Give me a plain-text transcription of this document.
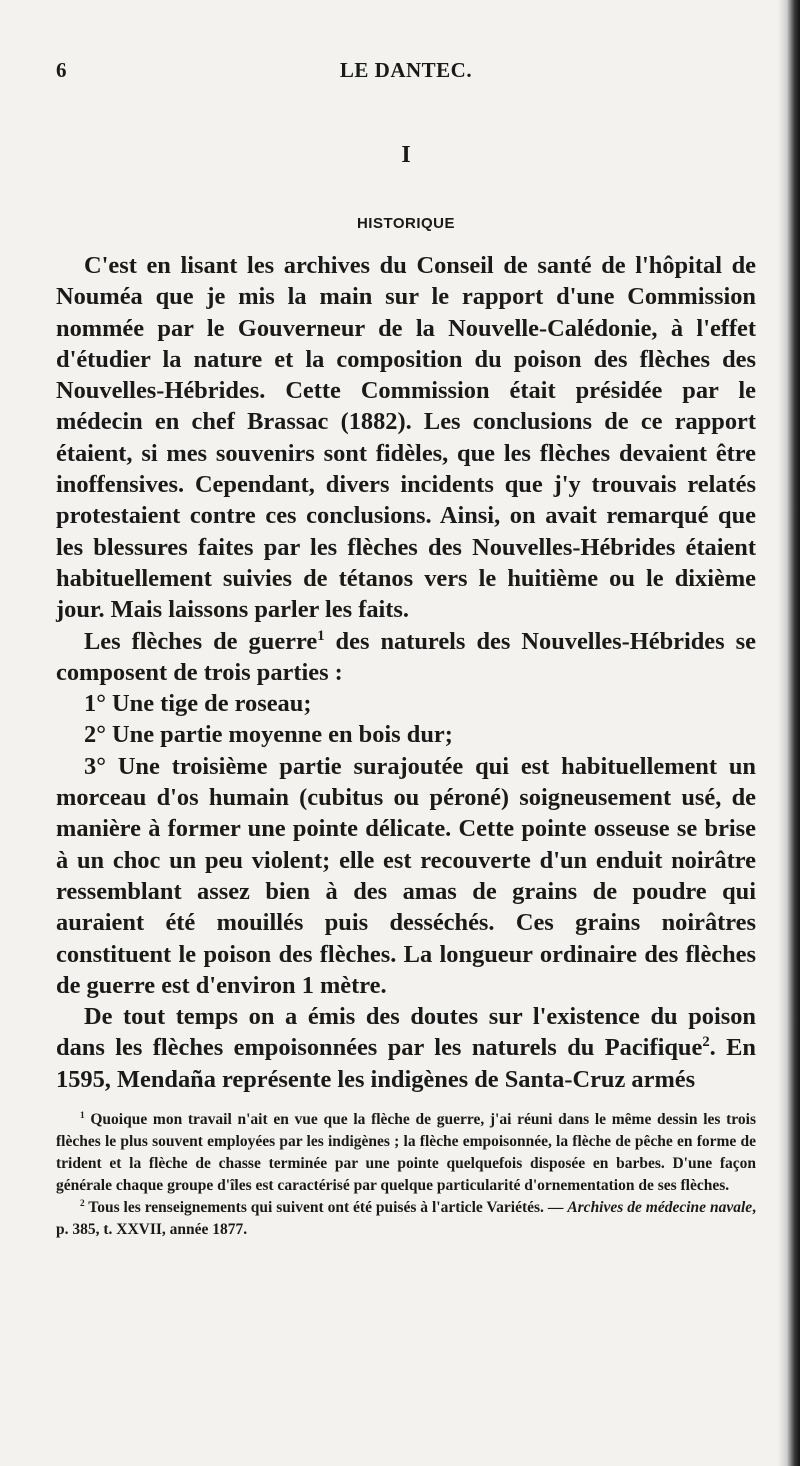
6	LE DANTEC.
I
HISTORIQUE

C'est en lisant les archives du Conseil de santé de l'hôpital de Nouméa que je mis la main sur le rapport d'une Commission nommée par le Gouverneur de la Nouvelle-Calédonie, à l'effet d'étudier la nature et la composition du poison des flèches des Nouvelles-Hébrides. Cette Commission était présidée par le médecin en chef Brassac (1882). Les conclusions de ce rapport étaient, si mes souvenirs sont fidèles, que les flèches devaient être inoffensives. Cependant, divers incidents que j'y trouvais relatés protestaient contre ces conclusions. Ainsi, on avait remarqué que les blessures faites par les flèches des Nouvelles-Hébrides étaient habituellement suivies de tétanos vers le huitième ou le dixième jour. Mais laissons parler les faits.

Les flèches de guerre$^1$ des naturels des Nouvelles-Hébrides se composent de trois parties :

1° Une tige de roseau;

2° Une partie moyenne en bois dur;

3° Une troisième partie surajoutée qui est habituellement un morceau d'os humain (cubitus ou péroné) soigneusement usé, de manière à former une pointe délicate. Cette pointe osseuse se brise à un choc un peu violent; elle est recouverte d'un enduit noirâtre ressemblant assez bien à des amas de grains de poudre qui auraient été mouillés puis desséchés. Ces grains noirâtres constituent le poison des flèches. La longueur ordinaire des flèches de guerre est d'environ 1 mètre.

De tout temps on a émis des doutes sur l'existence du poison dans les flèches empoisonnées par les naturels du Pacifique$^2$. En 1595, Mendaña représente les indigènes de Santa-Cruz armés

$^1$ Quoique mon travail n'ait en vue que la flèche de guerre, j'ai réuni dans le même dessin les trois flèches le plus souvent employées par les indigènes ; la flèche empoisonnée, la flèche de pêche en forme de trident et la flèche de chasse terminée par une pointe quelquefois disposée en barbes. D'une façon générale chaque groupe d'îles est caractérisé par quelque particularité d'ornementation de ses flèches.

$^2$ Tous les renseignements qui suivent ont été puisés à l'article Variétés. — Archives de médecine navale, p. 385, t. XXVII, année 1877.
